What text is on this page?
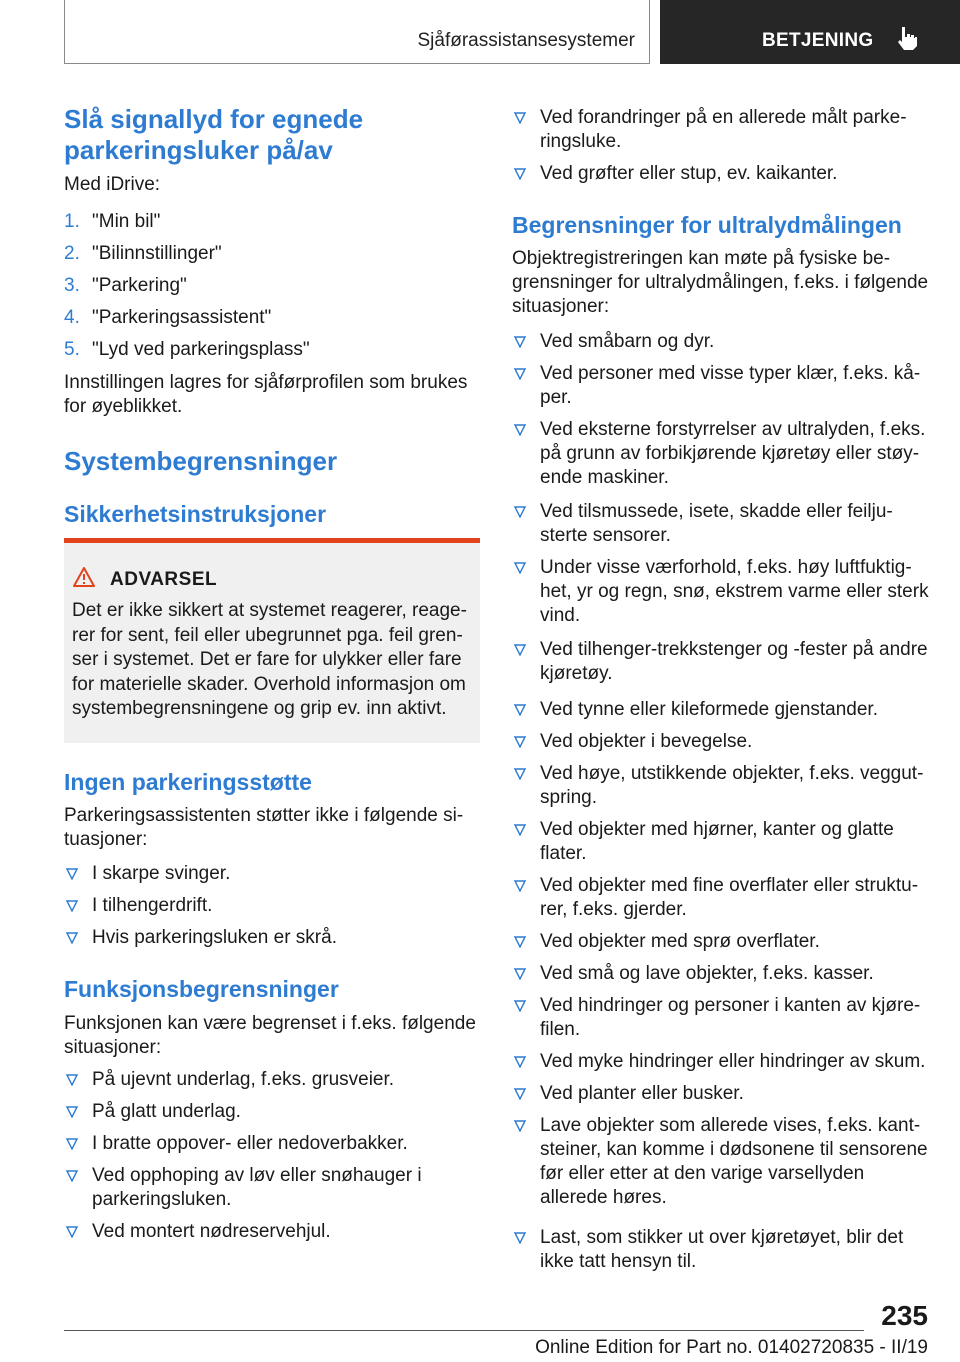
Sjåførassistansesystemer	BETJENING
Slå signallyd for egnede parkeringsluker på/av
Med iDrive:
1. "Min bil"
2. "Bilinnstillinger"
3. "Parkering"
4. "Parkeringsassistent"
5. "Lyd ved parkeringsplass"
Innstillingen lagres for sjåførprofilen som brukes for øyeblikket.
Systembegrensninger
Sikkerhetsinstruksjoner
ADVARSEL
Det er ikke sikkert at systemet reagerer, reagerer for sent, feil eller ubegrunnet pga. feil grenser i systemet. Det er fare for ulykker eller fare for materielle skader. Overhold informasjon om systembegrensningene og grip ev. inn aktivt.
Ingen parkeringsstøtte
Parkeringsassistenten støtter ikke i følgende situasjoner:
I skarpe svinger.
I tilhengerdrift.
Hvis parkeringsluken er skrå.
Funksjonsbegrensninger
Funksjonen kan være begrenset i f.eks. følgende situasjoner:
På ujevnt underlag, f.eks. grusveier.
På glatt underlag.
I bratte oppover- eller nedoverbakker.
Ved opphoping av løv eller snøhauger i parkeringsluken.
Ved montert nødreservehjul.
Ved forandringer på en allerede målt parkeringsluke.
Ved grøfter eller stup, ev. kaikanter.
Begrensninger for ultralydmålingen
Objektregistreringen kan møte på fysiske begrensninger for ultralydmålingen, f.eks. i følgende situasjoner:
Ved småbarn og dyr.
Ved personer med visse typer klær, f.eks. kåper.
Ved eksterne forstyrrelser av ultralyden, f.eks. på grunn av forbikjørende kjøretøy eller støyende maskiner.
Ved tilsmussede, isete, skadde eller feiljusterte sensorer.
Under visse værforhold, f.eks. høy luftfuktighet, yr og regn, snø, ekstrem varme eller sterk vind.
Ved tilhenger-trekkstenger og -fester på andre kjøretøy.
Ved tynne eller kileformede gjenstander.
Ved objekter i bevegelse.
Ved høye, utstikkende objekter, f.eks. veggutspring.
Ved objekter med hjørner, kanter og glatte flater.
Ved objekter med fine overflater eller strukturer, f.eks. gjerder.
Ved objekter med sprø overflater.
Ved små og lave objekter, f.eks. kasser.
Ved hindringer og personer i kanten av kjørefilen.
Ved myke hindringer eller hindringer av skum.
Ved planter eller busker.
Lave objekter som allerede vises, f.eks. kantsteiner, kan komme i dødsonene til sensorene før eller etter at den varige varsellyden allerede høres.
Last, som stikker ut over kjøretøyet, blir det ikke tatt hensyn til.
235
Online Edition for Part no. 01402720835 - II/19
